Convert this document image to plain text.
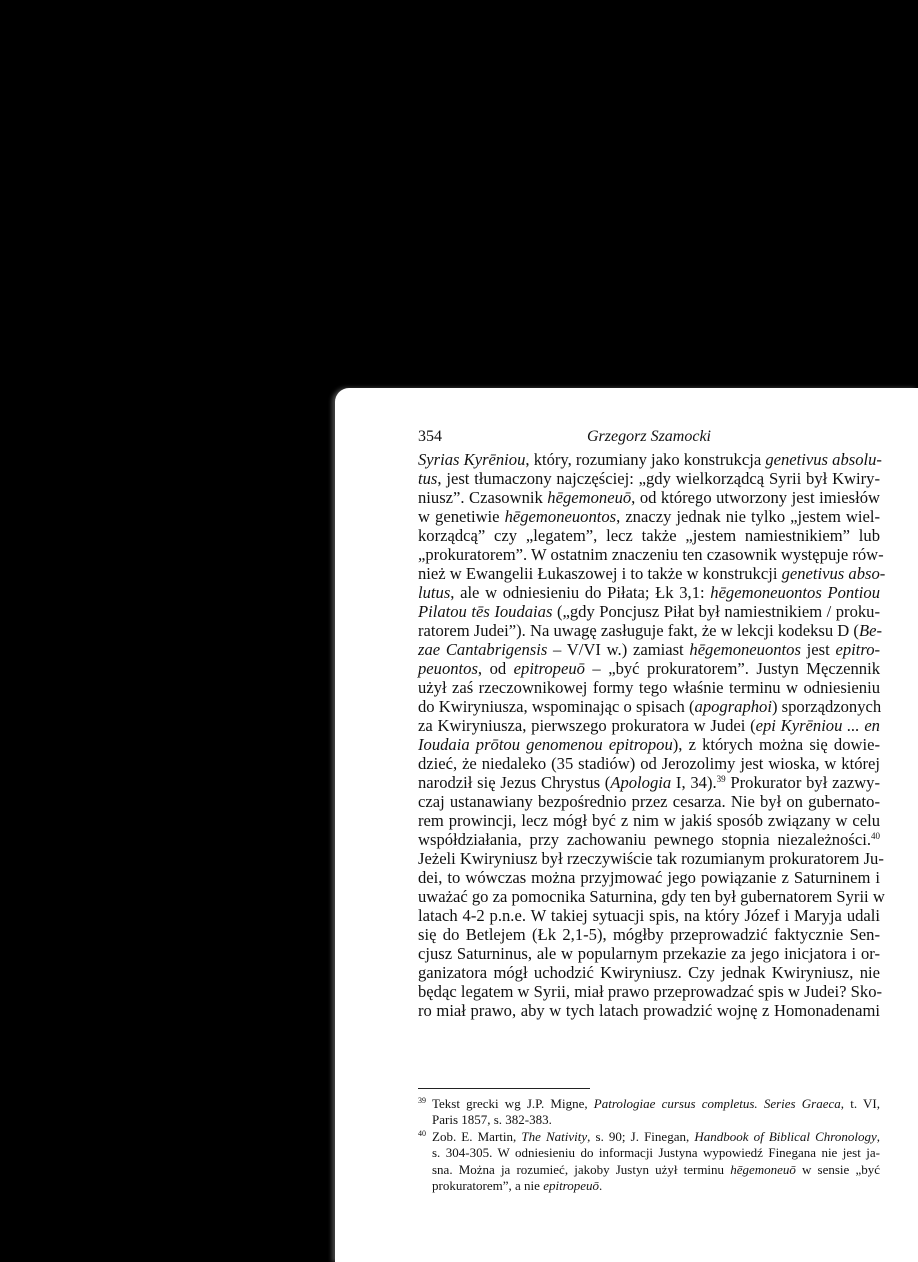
354	Grzegorz Szamocki
Syrias Kyrēniou, który, rozumiany jako konstrukcja genetivus absolu-
tus, jest tłumaczony najczęściej: „gdy wielkorządcą Syrii był Kwiry-
niusz”. Czasownik hēgemoneuō, od którego utworzony jest imiesłów
w genetiwie hēgemoneuontos, znaczy jednak nie tylko „jestem wiel-
korządcą” czy „legatem”, lecz także „jestem namiestnikiem” lub
„prokuratorem”. W ostatnim znaczeniu ten czasownik występuje rów-
nież w Ewangelii Łukaszowej i to także w konstrukcji genetivus abso-
lutus, ale w odniesieniu do Piłata; Łk 3,1: hēgemoneuontos Pontiou
Pilatou tēs Ioudaias („gdy Poncjusz Piłat był namiestnikiem / proku-
ratorem Judei”). Na uwagę zasługuje fakt, że w lekcji kodeksu D (Be-
zae Cantabrigensis – V/VI w.) zamiast hēgemoneuontos jest epitro-
peuontos, od epitropeuō – „być prokuratorem”. Justyn Męczennik
użył zaś rzeczownikowej formy tego właśnie terminu w odniesieniu
do Kwiryniusza, wspominając o spisach (apographoi) sporządzonych
za Kwiryniusza, pierwszego prokuratora w Judei (epi Kyrēniou ... en
Ioudaia prōtou genomenou epitropou), z których można się dowie-
dzieć, że niedaleko (35 stadiów) od Jerozolimy jest wioska, w której
narodził się Jezus Chrystus (Apologia I, 34).$^{39}$ Prokurator był zazwy-
czaj ustanawiany bezpośrednio przez cesarza. Nie był on gubernato-
rem prowincji, lecz mógł być z nim w jakiś sposób związany w celu
współdziałania, przy zachowaniu pewnego stopnia niezależności.$^{40}$
Jeżeli Kwiryniusz był rzeczywiście tak rozumianym prokuratorem Ju-
dei, to wówczas można przyjmować jego powiązanie z Saturninem i
uważać go za pomocnika Saturnina, gdy ten był gubernatorem Syrii w
latach 4-2 p.n.e. W takiej sytuacji spis, na który Józef i Maryja udali
się do Betlejem (Łk 2,1-5), mógłby przeprowadzić faktycznie Sen-
cjusz Saturninus, ale w popularnym przekazie za jego inicjatora i or-
ganizatora mógł uchodzić Kwiryniusz. Czy jednak Kwiryniusz, nie
będąc legatem w Syrii, miał prawo przeprowadzać spis w Judei? Sko-
ro miał prawo, aby w tych latach prowadzić wojnę z Homonadenami
$^{39}$ Tekst grecki wg J.P. Migne, Patrologiae cursus completus. Series Graeca, t. VI,
Paris 1857, s. 382-383.
$^{40}$ Zob. E. Martin, The Nativity, s. 90; J. Finegan, Handbook of Biblical Chronology,
s. 304-305. W odniesieniu do informacji Justyna wypowiedź Finegana nie jest ja-
sna. Można ja rozumieć, jakoby Justyn użył terminu hēgemoneuō w sensie „być
prokuratorem”, a nie epitropeuō.
